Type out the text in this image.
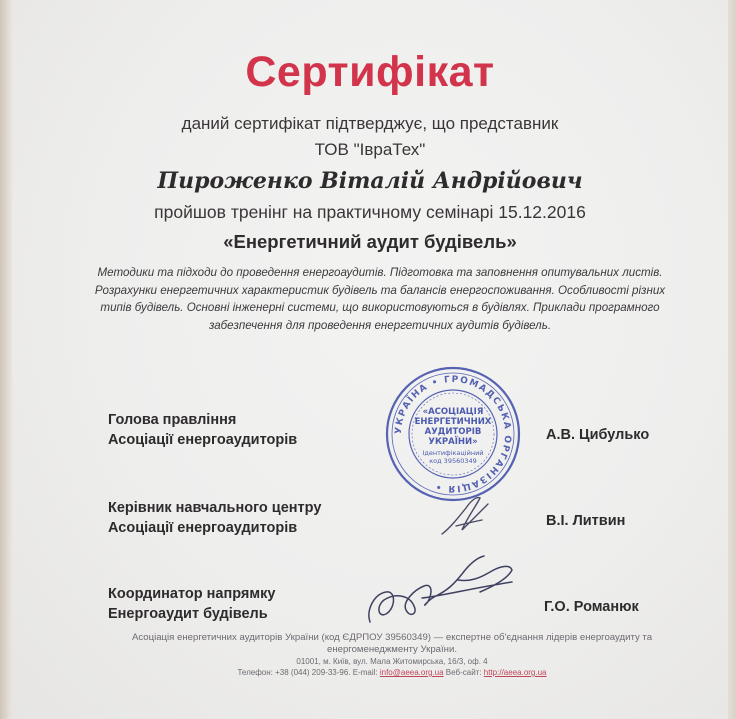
Сертифікат
даний сертифікат підтверджує, що представник
ТОВ "ІвраТех"
Пироженко Віталій Андрійович
пройшов тренінг на практичному семінарі 15.12.2016
«Енергетичний аудит будівель»
Методики та підходи до проведення енергоаудитів. Підготовка та заповнення опитувальних листів.
Розрахунки енергетичних характеристик будівель та балансів енергоспоживання. Особливості різних
типів будівель. Основні інженерні системи, що використовуються в будівлях. Приклади програмного
забезпечення для проведення енергетичних аудитів будівель.
Голова правління
Асоціації енергоаудиторів	А.В. Цибулько
Керівник навчального центру
Асоціації енергоаудиторів	В.І. Литвин
Координатор напрямку
Енергоаудит будівель	Г.О. Романюк
Асоціація енергетичних аудиторів України (код ЄДРПОУ 39560349) — експертне об'єднання лідерів енергоаудиту та
енергоменеджменту України.
01001, м. Київ, вул. Мала Житомирська, 16/3, оф. 4
Телефон: +38 (044) 209-33-96. E-mail: info@aeea.org.ua Веб-сайт: http://aeea.org.ua
УКРАЇНА • ГРОМАДСЬКА ОРГАНІЗАЦІЯ •
«АСОЦІАЦІЯ
ЕНЕРГЕТИЧНИХ
АУДИТОРІВ
УКРАЇНИ»
Ідентифікаційний
код 39560349
